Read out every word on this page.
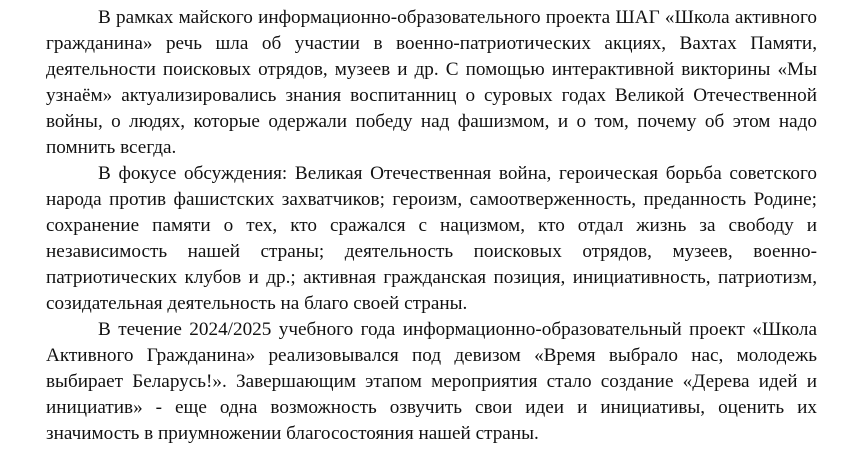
В рамках майского информационно-образовательного проекта ШАГ «Школа активного гражданина» речь шла об участии в военно-патриотических акциях, Вахтах Памяти, деятельности поисковых отрядов, музеев и др. С помощью интерактивной викторины «Мы узнаём» актуализировались знания воспитанниц о суровых годах Великой Отечественной войны, о людях, которые одержали победу над фашизмом, и о том, почему об этом надо помнить всегда.

В фокусе обсуждения: Великая Отечественная война, героическая борьба советского народа против фашистских захватчиков; героизм, самоотверженность, преданность Родине; сохранение памяти о тех, кто сражался с нацизмом, кто отдал жизнь за свободу и независимость нашей страны; деятельность поисковых отрядов, музеев, военно-патриотических клубов и др.; активная гражданская позиция, инициативность, патриотизм, созидательная деятельность на благо своей страны.

В течение 2024/2025 учебного года информационно-образовательный проект «Школа Активного Гражданина» реализовывался под девизом «Время выбрало нас, молодежь выбирает Беларусь!». Завершающим этапом мероприятия стало создание «Дерева идей и инициатив» - еще одна возможность озвучить свои идеи и инициативы, оценить их значимость в приумножении благосостояния нашей страны.
